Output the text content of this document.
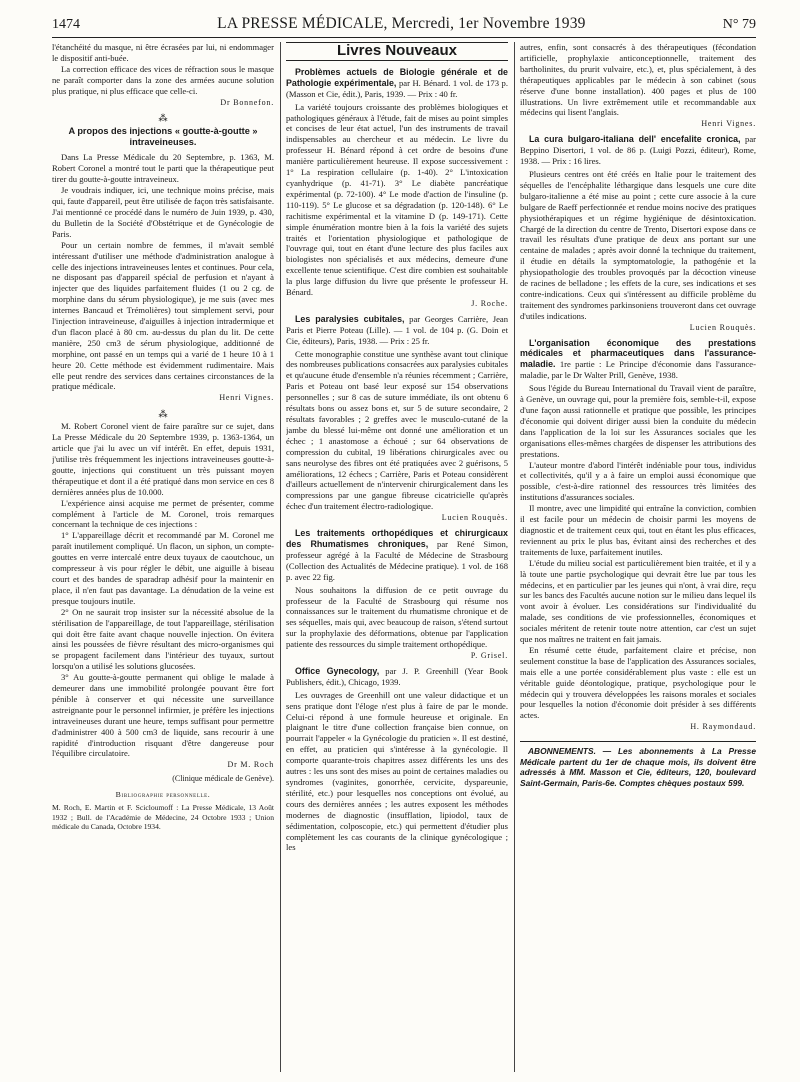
1474	LA PRESSE MÉDICALE, Mercredi, 1er Novembre 1939	N° 79

l'étanchéité du masque, ni être écrasées par lui, ni endommager le dispositif anti-buée.

La correction efficace des vices de réfraction sous le masque ne paraît comporter dans la zone des armées aucune solution plus pratique, ni plus efficace que celle-ci.

Dr Bonnefon.

⁂
A propos des injections « goutte-à-goutte » intraveineuses.

Dans La Presse Médicale du 20 Septembre, p. 1363, M. Robert Coronel a montré tout le parti que la thérapeutique peut tirer du goutte-à-goutte intraveineux.

Je voudrais indiquer, ici, une technique moins précise, mais qui, faute d'appareil, peut être utilisée de façon très satisfaisante. J'ai mentionné ce procédé dans le numéro de Juin 1939, p. 430, du Bulletin de la Société d'Obstétrique et de Gynécologie de Paris.

Pour un certain nombre de femmes, il m'avait semblé intéressant d'utiliser une méthode d'administration analogue à celle des injections intraveineuses lentes et continues. Pour cela, ne disposant pas d'appareil spécial de perfusion et n'ayant à injecter que des liquides parfaitement fluides (1 ou 2 cg. de morphine dans du sérum physiologique), je me suis (avec mes internes Bancaud et Trémolières) tout simplement servi, pour l'injection intraveineuse, d'aiguilles à injection intradermique et d'un flacon placé à 80 cm. au-dessus du plan du lit. De cette manière, 250 cm3 de sérum physiologique, additionné de morphine, ont passé en un temps qui a varié de 1 heure 10 à 1 heure 20. Cette méthode est évidemment rudimentaire. Mais elle peut rendre des services dans certaines circonstances de la pratique médicale.

Henri Vignes.

⁂

M. Robert Coronel vient de faire paraître sur ce sujet, dans La Presse Médicale du 20 Septembre 1939, p. 1363-1364, un article que j'ai lu avec un vif intérêt. En effet, depuis 1931, j'utilise très fréquemment les injections intraveineuses goutte-à-goutte, injections qui constituent un très puissant moyen thérapeutique et dont il a été pratiqué dans mon service en ces 8 dernières années plus de 10.000.

L'expérience ainsi acquise me permet de présenter, comme complément à l'article de M. Coronel, trois remarques concernant la technique de ces injections :

1° L'appareillage décrit et recommandé par M. Coronel me paraît inutilement compliqué. Un flacon, un siphon, un compte-gouttes en verre intercalé entre deux tuyaux de caoutchouc, un compresseur à vis pour régler le débit, une aiguille à biseau court et des bandes de sparadrap adhésif pour la maintenir en place, il n'en faut pas davantage. La dénudation de la veine est presque toujours inutile.

2° On ne saurait trop insister sur la nécessité absolue de la stérilisation de l'appareillage, de tout l'appareillage, stérilisation qui doit être faite avant chaque nouvelle injection. On évitera ainsi les poussées de fièvre résultant des micro-organismes qui se propagent facilement dans l'intérieur des tuyaux, surtout lorsqu'on a utilisé les solutions glucosées.

3° Au goutte-à-goutte permanent qui oblige le malade à demeurer dans une immobilité prolongée pouvant être fort pénible à conserver et qui nécessite une surveillance astreignante pour le personnel infirmier, je préfère les injections intraveineuses durant une heure, temps suffisant pour permettre d'administrer 400 à 500 cm3 de liquide, sans recourir à une rapidité d'introduction risquant d'être dangereuse pour l'équilibre circulatoire.

Dr M. Roch

(Clinique médicale de Genève).

Bibliographie personnelle.

M. Roch, E. Martin et F. Scicloumoff : La Presse Médicale, 13 Août 1932 ; Bull. de l'Académie de Médecine, 24 Octobre 1933 ; Union médicale du Canada, Octobre 1934.

Livres Nouveaux

Problèmes actuels de Biologie générale et de Pathologie expérimentale, par H. Bénard. 1 vol. de 173 p. (Masson et Cie, édit.), Paris, 1939. — Prix : 40 fr.

La variété toujours croissante des problèmes biologiques et pathologiques généraux à l'étude, fait de mises au point simples et concises de leur état actuel, l'un des instruments de travail indispensables au chercheur et au médecin. Le livre du professeur H. Bénard répond à cet ordre de besoins d'une manière particulièrement heureuse. Il expose successivement : 1° La respiration cellulaire (p. 1-40). 2° L'intoxication cyanhydrique (p. 41-71). 3° Le diabète pancréatique expérimental (p. 72-100). 4° Le mode d'action de l'insuline (p. 110-119). 5° Le glucose et sa dégradation (p. 120-148). 6° Le rachitisme expérimental et la vitamine D (p. 149-171). Cette simple énumération montre bien à la fois la variété des sujets traités et l'orientation physiologique et pathologique de l'ouvrage qui, tout en étant d'une lecture des plus faciles aux biologistes non spécialisés et aux médecins, demeure d'une excellente tenue scientifique. C'est dire combien est souhaitable la plus large diffusion du livre que présente le professeur H. Bénard.

J. Roche.

Les paralysies cubitales, par Georges Carrière, Jean Paris et Pierre Poteau (Lille). — 1 vol. de 104 p. (G. Doin et Cie, éditeurs), Paris, 1938. — Prix : 25 fr.

Cette monographie constitue une synthèse avant tout clinique des nombreuses publications consacrées aux paralysies cubitales et qu'aucune étude d'ensemble n'a réunies récemment ; Carrière, Paris et Poteau ont basé leur exposé sur 154 observations personnelles ; sur 8 cas de suture immédiate, ils ont obtenu 6 résultats bons ou assez bons et, sur 5 de suture secondaire, 2 résultats favorables ; 2 greffes avec le musculo-cutané de la jambe du blessé lui-même ont donné une amélioration et un échec ; 1 anastomose a échoué ; sur 64 observations de compression du cubital, 19 libérations chirurgicales avec ou sans neurolyse des fibres ont été pratiquées avec 2 guérisons, 5 améliorations, 12 échecs ; Carrière, Paris et Poteau considèrent d'ailleurs actuellement de n'intervenir chirurgicalement dans les compressions par une gangue fibreuse cicatricielle qu'après échec d'un traitement électro-radiologique.

Lucien Rouquès.

Les traitements orthopédiques et chirurgicaux des Rhumatismes chroniques, par René Simon, professeur agrégé à la Faculté de Médecine de Strasbourg (Collection des Actualités de Médecine pratique). 1 vol. de 168 p. avec 22 fig.

Nous souhaitons la diffusion de ce petit ouvrage du professeur de la Faculté de Strasbourg qui résume nos connaissances sur le traitement du rhumatisme chronique et de ses séquelles, mais qui, avec beaucoup de raison, s'étend surtout sur la prophylaxie des déformations, obtenue par l'application patiente des ressources du simple traitement orthopédique.

P. Grisel.

Office Gynecology, par J. P. Greenhill (Year Book Publishers, édit.), Chicago, 1939.

Les ouvrages de Greenhill ont une valeur didactique et un sens pratique dont l'éloge n'est plus à faire de par le monde. Celui-ci répond à une formule heureuse et originale. En plaignant le titre d'une collection française bien connue, on pourrait l'appeler « la Gynécologie du praticien ». Il est destiné, en effet, au praticien qui s'intéresse à la gynécologie. Il comporte quarante-trois chapitres assez différents les uns des autres : les uns sont des mises au point de certaines maladies ou syndromes (vaginites, gonorrhée, cervicite, dyspareunie, stérilité, etc.) pour lesquelles nos conceptions ont évolué, au cours des dernières années ; les autres exposent les méthodes modernes de diagnostic (insufflation, lipiodol, taux de sédimentation, colposcopie, etc.) qui permettent d'étudier plus complètement les cas courants de la clinique gynécologique ; les

autres, enfin, sont consacrés à des thérapeutiques (fécondation artificielle, prophylaxie anticonceptionnelle, traitement des bartholinites, du prurit vulvaire, etc.), et, plus spécialement, à des thérapeutiques applicables par le médecin à son cabinet (sous réserve d'une bonne installation). 400 pages et plus de 100 illustrations. Un livre extrêmement utile et recommandable aux médecins qui lisent l'anglais.

Henri Vignes.

La cura bulgaro-italiana dell' encefalite cronica, par Beppino Disertori, 1 vol. de 86 p. (Luigi Pozzi, éditeur), Rome, 1938. — Prix : 16 lires.

Plusieurs centres ont été créés en Italie pour le traitement des séquelles de l'encéphalite léthargique dans lesquels une cure dite bulgaro-italienne a été mise au point ; cette cure associe à la cure bulgare de Raeff perfectionnée et rendue moins nocive des pratiques physiothérapiques et un régime hygiénique de désintoxication. Chargé de la direction du centre de Trento, Disertori expose dans ce travail les résultats d'une pratique de deux ans portant sur une centaine de malades ; après avoir donné la technique du traitement, il étudie en détails la symptomatologie, la pathogénie et la physiopathologie des troubles provoqués par la décoction vineuse de racines de belladone ; les effets de la cure, ses indications et ses contre-indications. Ceux qui s'intéressent au difficile problème du traitement des syndromes parkinsoniens trouveront dans cet ouvrage d'utiles indications.

Lucien Rouquès.

L'organisation économique des prestations médicales et pharmaceutiques dans l'assurance-maladie. 1re partie : Le Principe d'économie dans l'assurance-maladie, par le Dr Walter Prill, Genève, 1938.

Sous l'égide du Bureau International du Travail vient de paraître, à Genève, un ouvrage qui, pour la première fois, semble-t-il, expose d'une façon aussi rationnelle et pratique que possible, les principes d'économie qui doivent diriger aussi bien la conduite du médecin dans l'application de la loi sur les Assurances sociales que les organisations elles-mêmes chargées de dispenser les attributions des prestations.

L'auteur montre d'abord l'intérêt indéniable pour tous, individus et collectivités, qu'il y a à faire un emploi aussi économique que possible, c'est-à-dire rationnel des ressources très limitées des institutions d'assurances sociales.

Il montre, avec une limpidité qui entraîne la conviction, combien il est facile pour un médecin de choisir parmi les moyens de diagnostic et de traitement ceux qui, tout en étant les plus efficaces, reviennent au prix le plus bas, évitant ainsi des recherches et des traitements de luxe, parfaitement inutiles.

L'étude du milieu social est particulièrement bien traitée, et il y a là toute une partie psychologique qui devrait être lue par tous les médecins, et en particulier par les jeunes qui n'ont, à vrai dire, reçu sur les bancs des Facultés aucune notion sur le milieu dans lequel ils vont avoir à évoluer. Les considérations sur l'individualité du malade, ses conditions de vie professionnelles, économiques et sociales méritent de retenir toute notre attention, car c'est un sujet que nos maîtres ne traitent en fait jamais.

En résumé cette étude, parfaitement claire et précise, non seulement constitue la base de l'application des Assurances sociales, mais elle a une portée considérablement plus vaste : elle est un véritable guide déontologique, pratique, psychologique pour le médecin qui y trouvera développées les raisons morales et sociales pour lesquelles la notion d'économie doit présider à ses différents actes.

H. Raymondaud.

ABONNEMENTS. — Les abonnements à La Presse Médicale partent du 1er de chaque mois, ils doivent être adressés à MM. Masson et Cie, éditeurs, 120, boulevard Saint-Germain, Paris-6e. Comptes chèques postaux 599.
